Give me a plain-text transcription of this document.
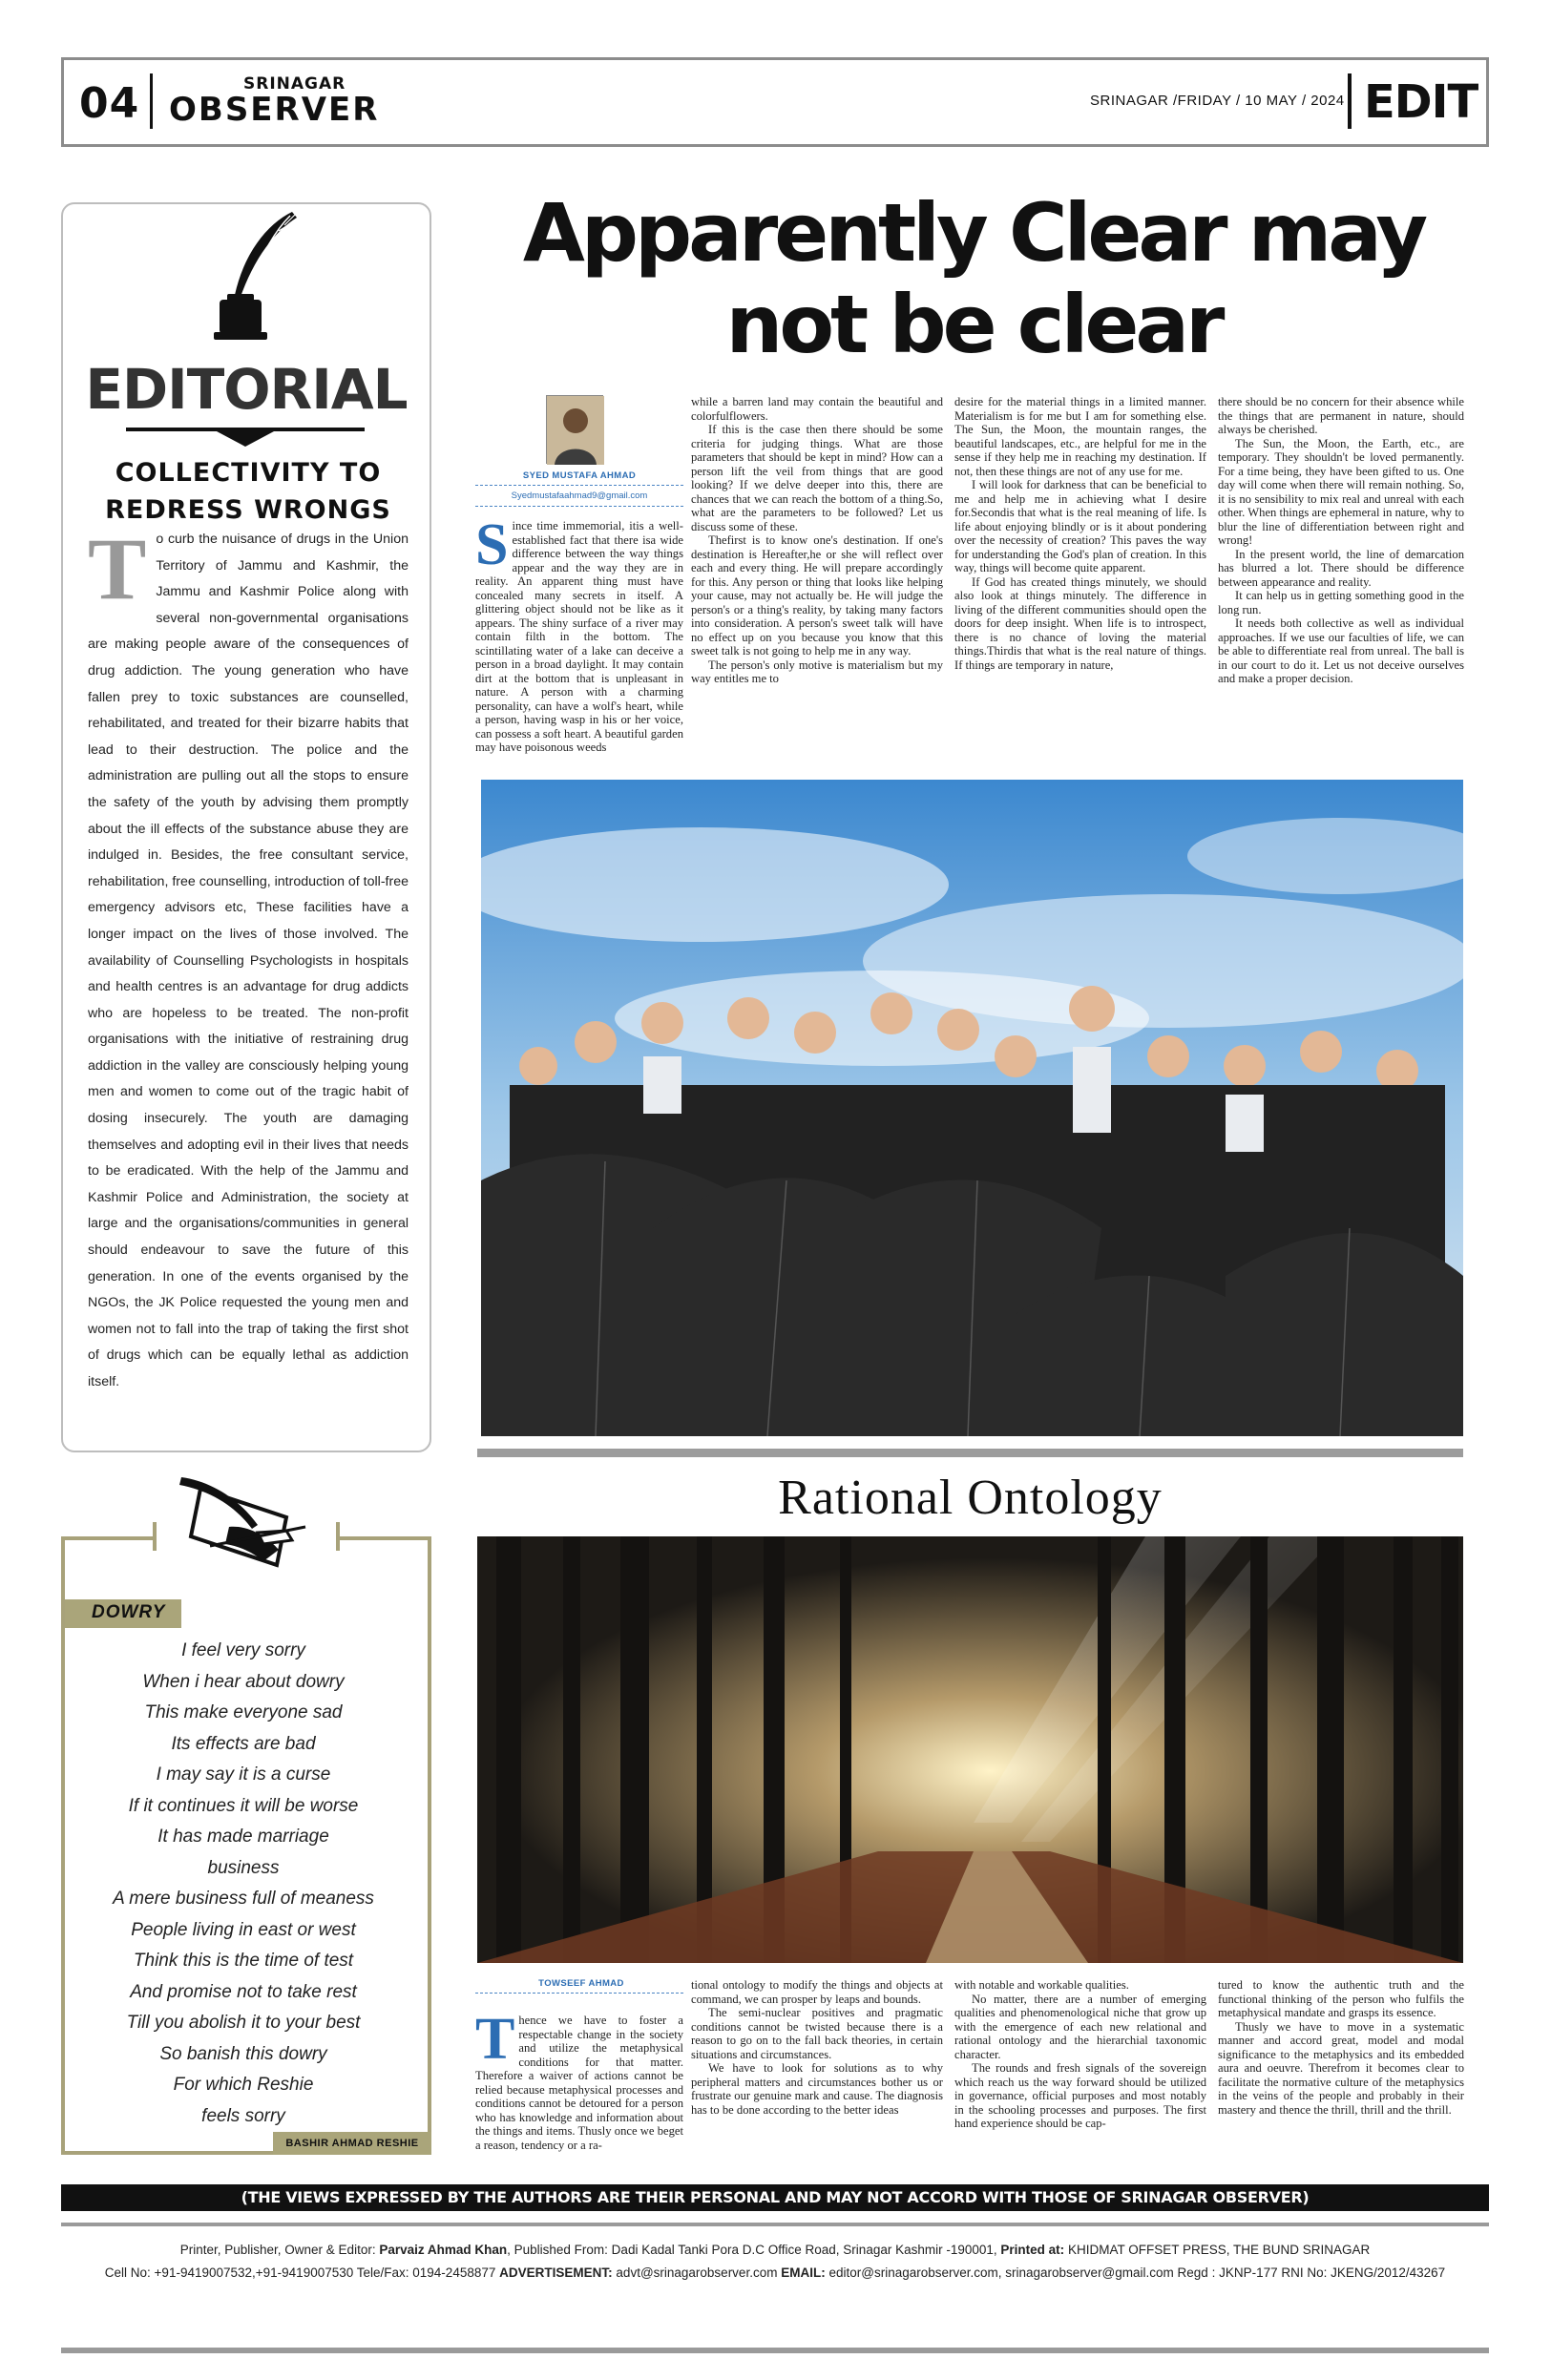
04	SRINAGAR
OBSERVER	SRINAGAR /FRIDAY / 10 MAY / 2024 EDIT
EDITORIAL
COLLECTIVITY TO REDRESS WRONGS
To curb the nuisance of drugs in the Union Territory of Jammu and Kashmir, the Jammu and Kashmir Police along with several non-governmental organisations are making people aware of the consequences of drug addiction. The young generation who have fallen prey to toxic substances are counselled, rehabilitated, and treated for their bizarre habits that lead to their destruction. The police and the administration are pulling out all the stops to ensure the safety of the youth by advising them promptly about the ill effects of the substance abuse they are indulged in. Besides, the free consultant service, rehabilitation, free counselling, introduction of toll-free emergency advisors etc, These facilities have a longer impact on the lives of those involved. The availability of Counselling Psychologists in hospitals and health centres is an advantage for drug addicts who are hopeless to be treated. The non-profit organisations with the initiative of restraining drug addiction in the valley are consciously helping young men and women to come out of the tragic habit of dosing insecurely. The youth are damaging themselves and adopting evil in their lives that needs to be eradicated. With the help of the Jammu and Kashmir Police and Administration, the society at large and the organisations/communities in general should endeavour to save the future of this generation. In one of the events organised by the NGOs, the JK Police requested the young men and women not to fall into the trap of taking the first shot of drugs which can be equally lethal as addiction itself.
DOWRY
I feel very sorry
When i hear about dowry
This make everyone sad
Its effects are bad
I may say it is a curse
If it continues it will be worse
It has made marriage
business
A mere business full of meaness
People living in east or west
Think this is the time of test
And promise not to take rest
Till you abolish it to your best
So banish this dowry
For which Reshie
feels sorry
BASHIR AHMAD RESHIE
Apparently Clear may
not be clear
SYED MUSTAFA AHMAD
Syedmustafaahmad9@gmail.com

Since time immemorial, itis a well-established fact that there isa wide difference between the way things appear and the way they are in reality. An apparent thing must have concealed many secrets in itself. A glittering object should not be like as it appears. The shiny surface of a river may contain filth in the bottom. The scintillating water of a lake can deceive a person in a broad daylight. It may contain dirt at the bottom that is unpleasant in nature. A person with a charming personality, can have a wolf's heart, while a person, having wasp in his or her voice, can possess a soft heart. A beautiful garden may have poisonous weeds

while a barren land may contain the beautiful and colorfulflowers.

If this is the case then there should be some criteria for judging things. What are those parameters that should be kept in mind? How can a person lift the veil from things that are good looking? If we delve deeper into this, there are chances that we can reach the bottom of a thing.So, what are the parameters to be followed? Let us discuss some of these.

Thefirst is to know one's destination. If one's destination is Hereafter,he or she will reflect over each and every thing. He will prepare accordingly for this. Any person or thing that looks like helping your cause, may not actually be. He will judge the person's or a thing's reality, by taking many factors into consideration. A person's sweet talk will have no effect up on you because you know that this sweet talk is not going to help me in any way.

The person's only motive is materialism but my way entitles me to

desire for the material things in a limited manner. Materialism is for me but I am for something else. The Sun, the Moon, the mountain ranges, the beautiful landscapes, etc., are helpful for me in the sense if they help me in reaching my destination. If not, then these things are not of any use for me.

I will look for darkness that can be beneficial to me and help me in achieving what I desire for.Secondis that what is the real meaning of life. Is life about enjoying blindly or is it about pondering over the necessity of creation? This paves the way for understanding the God's plan of creation. In this way, things will become quite apparent.

If God has created things minutely, we should also look at things minutely. The difference in living of the different communities should open the doors for deep insight. When life is to introspect, there is no chance of loving the material things.Thirdis that what is the real nature of things. If things are temporary in nature,

there should be no concern for their absence while the things that are permanent in nature, should always be cherished.

The Sun, the Moon, the Earth, etc., are temporary. They shouldn't be loved permanently. For a time being, they have been gifted to us. One day will come when there will remain nothing. So, it is no sensibility to mix real and unreal with each other. When things are ephemeral in nature, why to blur the line of differentiation between right and wrong!

In the present world, the line of demarcation has blurred a lot. There should be difference between appearance and reality.

It can help us in getting something good in the long run.

It needs both collective as well as individual approaches. If we use our faculties of life, we can be able to differentiate real from unreal. The ball is in our court to do it. Let us not deceive ourselves and make a proper decision.

Rational Ontology
TOWSEEF AHMAD

Thence we have to foster a respectable change in the society and utilize the metaphysical conditions for that matter. Therefore a waiver of actions cannot be relied because metaphysical processes and conditions cannot be detoured for a person who has knowledge and information about the things and items. Thusly once we beget a reason, tendency or a ra-

tional ontology to modify the things and objects at command, we can prosper by leaps and bounds.

The semi-nuclear positives and pragmatic conditions cannot be twisted because there is a reason to go on to the fall back theories, in certain situations and circumstances.

We have to look for solutions as to why peripheral matters and circumstances bother us or frustrate our genuine mark and cause. The diagnosis has to be done according to the better ideas

with notable and workable qualities.

No matter, there are a number of emerging qualities and phenomenological niche that grow up with the emergence of each new relational and rational ontology and the hierarchial taxonomic character.

The rounds and fresh signals of the sovereign which reach us the way forward should be utilized in governance, official purposes and most notably in the schooling processes and purposes. The first hand experience should be cap-

tured to know the authentic truth and the functional thinking of the person who fulfils the metaphysical mandate and grasps its essence.

Thusly we have to move in a systematic manner and accord great, model and modal significance to the metaphysics and its embedded aura and oeuvre. Therefrom it becomes clear to facilitate the normative culture of the metaphysics in the veins of the people and probably in their mastery and thence the thrill, thrill and the thrill.

(THE VIEWS EXPRESSED BY THE AUTHORS ARE THEIR PERSONAL AND MAY NOT ACCORD WITH THOSE OF SRINAGAR OBSERVER)
Printer, Publisher, Owner & Editor: Parvaiz Ahmad Khan, Published From: Dadi Kadal Tanki Pora D.C Office Road, Srinagar Kashmir -190001, Printed at: KHIDMAT OFFSET PRESS, THE BUND SRINAGAR
Cell No: +91-9419007532,+91-9419007530 Tele/Fax: 0194-2458877 ADVERTISEMENT: advt@srinagarobserver.com EMAIL: editor@srinagarobserver.com, srinagarobserver@gmail.com Regd : JKNP-177 RNI No: JKENG/2012/43267
